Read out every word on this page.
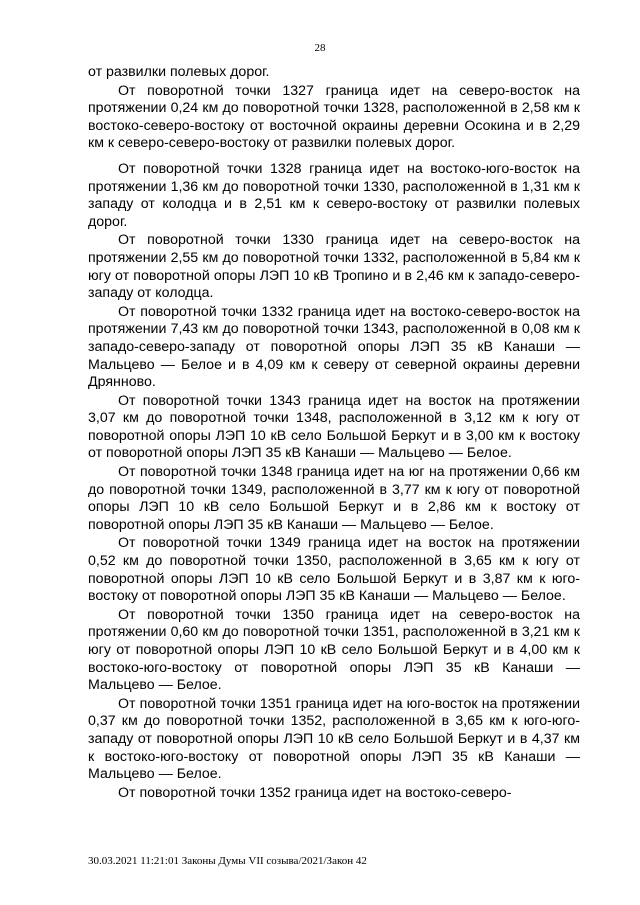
28

от развилки полевых дорог.

От поворотной точки 1327 граница идет на северо-восток на протяжении 0,24 км до поворотной точки 1328, расположенной в 2,58 км к востоко-северо-востоку от восточной окраины деревни Осокина и в 2,29 км к северо-северо-востоку от развилки полевых дорог.

От поворотной точки 1328 граница идет на востоко-юго-восток на протяжении 1,36 км до поворотной точки 1330, расположенной в 1,31 км к западу от колодца и в 2,51 км к северо-востоку от развилки полевых дорог.

От поворотной точки 1330 граница идет на северо-восток на протяжении 2,55 км до поворотной точки 1332, расположенной в 5,84 км к югу от поворотной опоры ЛЭП 10 кВ Тропино и в 2,46 км к западо-северо-западу от колодца.

От поворотной точки 1332 граница идет на востоко-северо-восток на протяжении 7,43 км до поворотной точки 1343, расположенной в 0,08 км к западо-северо-западу от поворотной опоры ЛЭП 35 кВ Канаши — Мальцево — Белое и в 4,09 км к северу от северной окраины деревни Дрянново.

От поворотной точки 1343 граница идет на восток на протяжении 3,07 км до поворотной точки 1348, расположенной в 3,12 км к югу от поворотной опоры ЛЭП 10 кВ село Большой Беркут и в 3,00 км к востоку от поворотной опоры ЛЭП 35 кВ Канаши — Мальцево — Белое.

От поворотной точки 1348 граница идет на юг на протяжении 0,66 км до поворотной точки 1349, расположенной в 3,77 км к югу от поворотной опоры ЛЭП 10 кВ село Большой Беркут и в 2,86 км к востоку от поворотной опоры ЛЭП 35 кВ Канаши — Мальцево — Белое.

От поворотной точки 1349 граница идет на восток на протяжении 0,52 км до поворотной точки 1350, расположенной в 3,65 км к югу от поворотной опоры ЛЭП 10 кВ село Большой Беркут и в 3,87 км к юго-востоку от поворотной опоры ЛЭП 35 кВ Канаши — Мальцево — Белое.

От поворотной точки 1350 граница идет на северо-восток на протяжении 0,60 км до поворотной точки 1351, расположенной в 3,21 км к югу от поворотной опоры ЛЭП 10 кВ село Большой Беркут и в 4,00 км к востоко-юго-востоку от поворотной опоры ЛЭП 35 кВ Канаши — Мальцево — Белое.

От поворотной точки 1351 граница идет на юго-восток на протяжении 0,37 км до поворотной точки 1352, расположенной в 3,65 км к юго-юго-западу от поворотной опоры ЛЭП 10 кВ село Большой Беркут и в 4,37 км к востоко-юго-востоку от поворотной опоры ЛЭП 35 кВ Канаши — Мальцево — Белое.

От поворотной точки 1352 граница идет на востоко-северо-

30.03.2021 11:21:01 Законы Думы VII созыва/2021/Закон 42
